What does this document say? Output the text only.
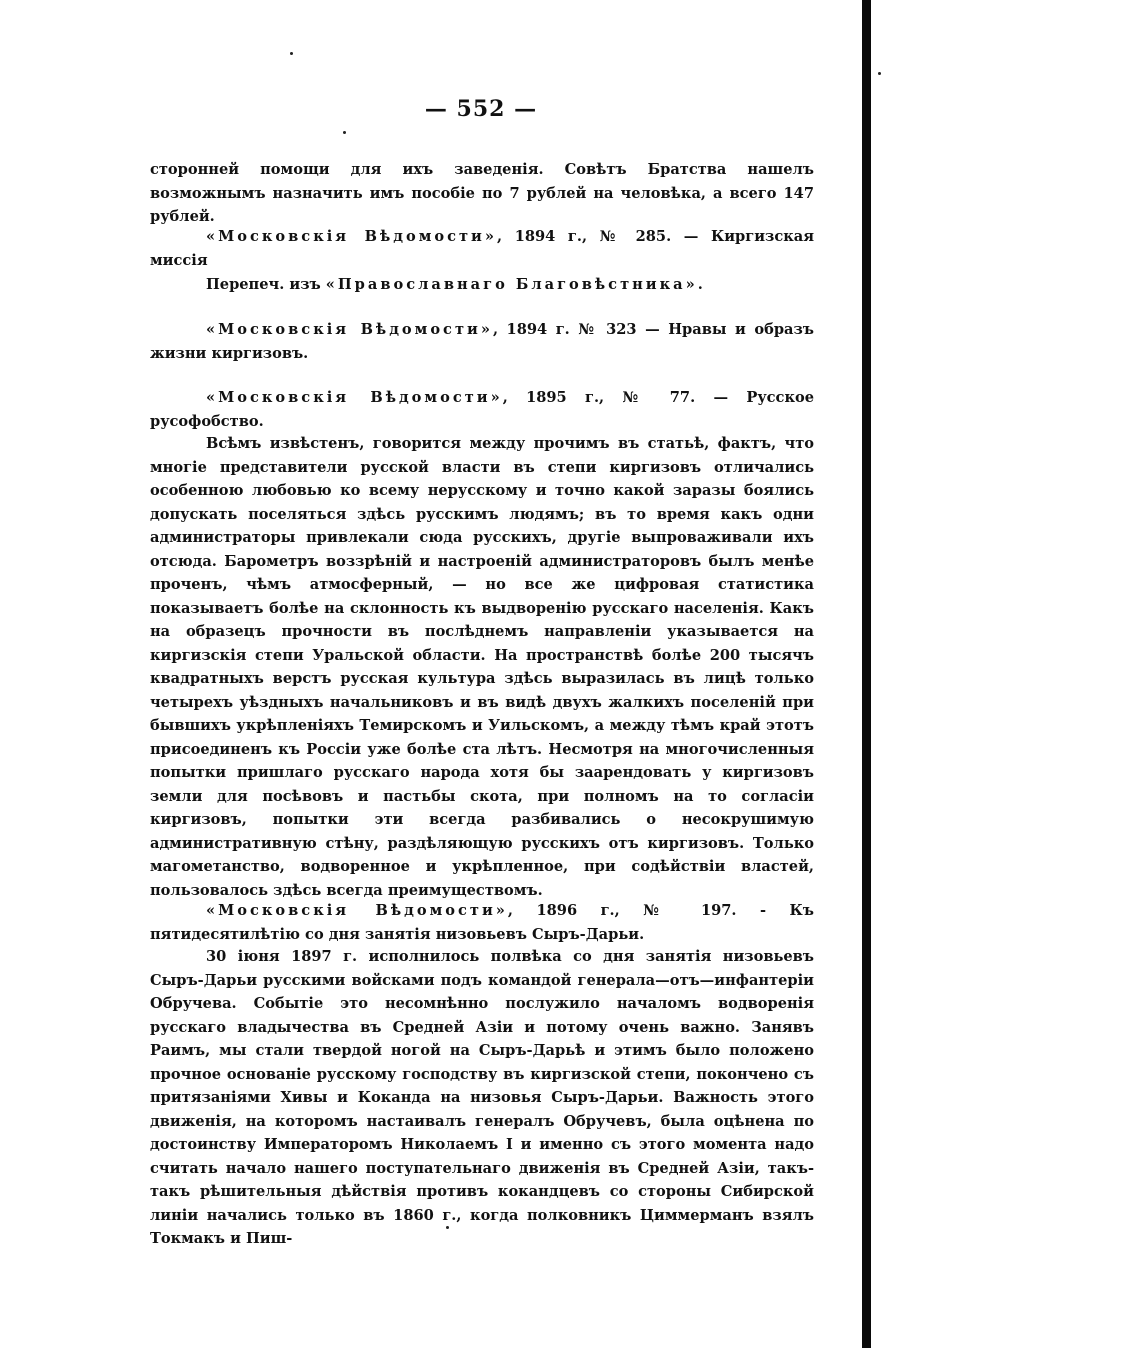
— 552 —

сторонней помощи для ихъ заведенія. Совѣтъ Братства нашелъ возможнымъ назначить имъ пособіе по 7 рублей на человѣка, а всего 147 рублей.

«Московскія Вѣдомости», 1894 г., № 285. — Киргизская миссія

Перепеч. изъ «Православнаго Благовѣстника».

«Московскія Вѣдомости», 1894 г. № 323 — Нравы и образъ жизни киргизовъ.

«Московскія Вѣдомости», 1895 г., № 77. — Русское русофобство.

Всѣмъ извѣстенъ, говорится между прочимъ въ статьѣ, фактъ, что многіе представители русской власти въ степи киргизовъ отличались особенною любовью ко всему нерусскому и точно какой заразы боялись допускать поселяться здѣсь русскимъ людямъ; въ то время какъ одни администраторы привлекали сюда русскихъ, другіе выпроваживали ихъ отсюда. Барометръ воззрѣній и настроеній администраторовъ былъ менѣе проченъ, чѣмъ атмосферный, — но все же цифровая статистика показываетъ болѣе на склонность къ выдворенію русскаго населенія. Какъ на образецъ прочности въ послѣднемъ направленіи указывается на киргизскія степи Уральской области. На пространствѣ болѣе 200 тысячъ квадратныхъ верстъ русская культура здѣсь выразилась въ лицѣ только четырехъ уѣздныхъ начальниковъ и въ видѣ двухъ жалкихъ поселеній при бывшихъ укрѣпленіяхъ Темирскомъ и Уильскомъ, а между тѣмъ край этотъ присоединенъ къ Россіи уже болѣе ста лѣтъ. Несмотря на многочисленныя попытки пришлаго русскаго народа хотя бы заарендовать у киргизовъ земли для посѣвовъ и пастьбы скота, при полномъ на то согласіи киргизовъ, попытки эти всегда разбивались о несокрушимую административную стѣну, раздѣляющую русскихъ отъ киргизовъ. Только магометанство, водворенное и укрѣпленное, при содѣйствіи властей, пользовалось здѣсь всегда преимуществомъ.

«Московскія Вѣдомости», 1896 г., № 197. - Къ пятидесятилѣтію со дня занятія низовьевъ Сыръ-Дарьи.

30 іюня 1897 г. исполнилось полвѣка со дня занятія низовьевъ Сыръ-Дарьи русскими войсками подъ командой генерала—отъ—инфантеріи Обручева. Событіе это несомнѣнно послужило началомъ водворенія русскаго владычества въ Средней Азіи и потому очень важно. Занявъ Раимъ, мы стали твердой ногой на Сыръ-Дарьѣ и этимъ было положено прочное основаніе русскому господству въ киргизской степи, покончено съ притязаніями Хивы и Коканда на низовья Сыръ-Дарьи. Важность этого движенія, на которомъ настаивалъ генералъ Обручевъ, была оцѣнена по достоинству Императоромъ Николаемъ I и именно съ этого момента надо считать начало нашего поступательнаго движенія въ Средней Азіи, такъ-такъ рѣшительныя дѣйствія противъ кокандцевъ со стороны Сибирской линіи начались только въ 1860 г., когда полковникъ Циммерманъ взялъ Токмакъ и Пиш-
